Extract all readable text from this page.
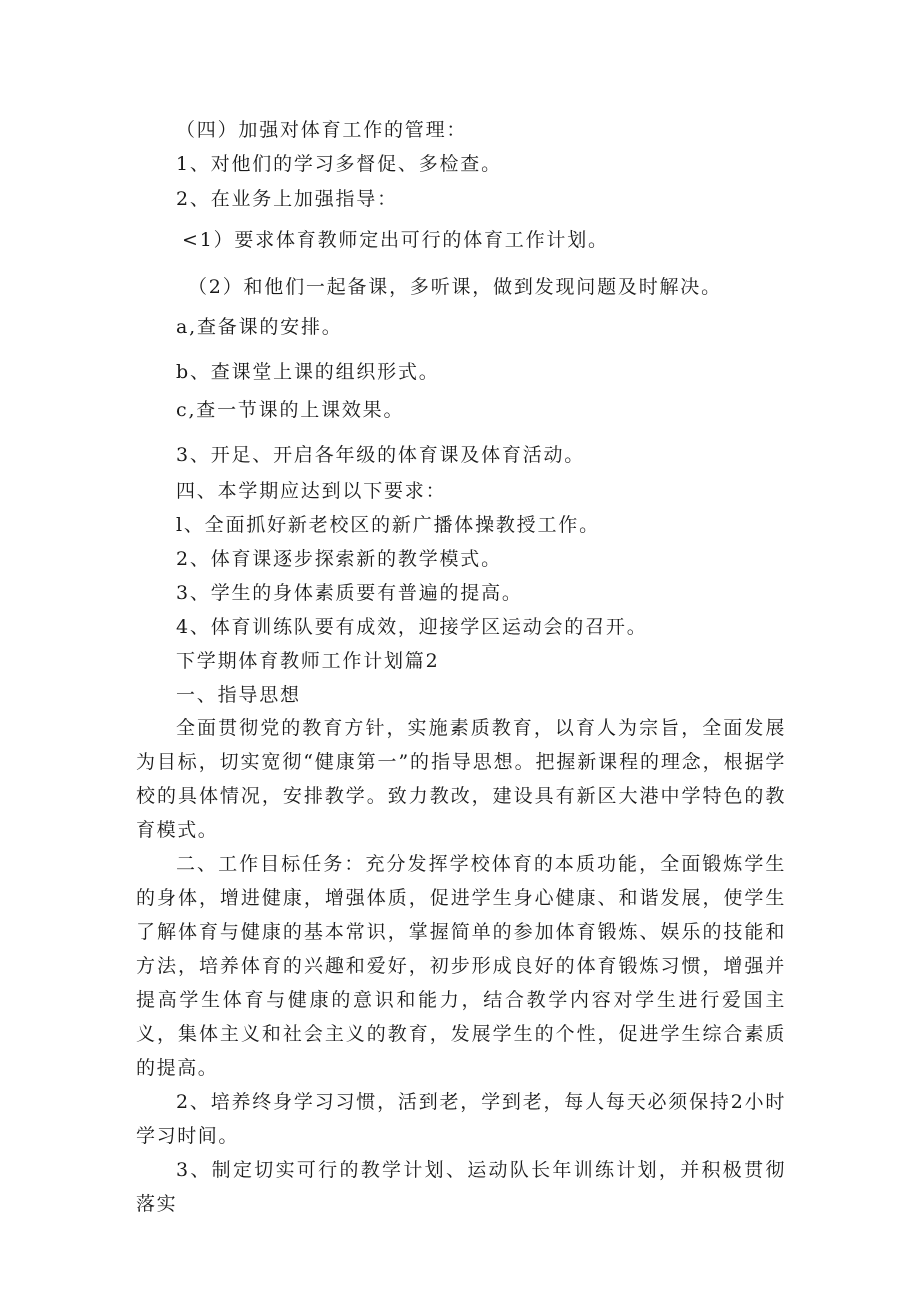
（四）加强对体育工作的管理：
1、对他们的学习多督促、多检查。
2、在业务上加强指导：
<1）要求体育教师定出可行的体育工作计划。
（2）和他们一起备课，多听课，做到发现问题及时解决。
a,查备课的安排。
b、查课堂上课的组织形式。
c,查一节课的上课效果。
3、开足、开启各年级的体育课及体育活动。
四、本学期应达到以下要求：
l、全面抓好新老校区的新广播体操教授工作。
2、体育课逐步探索新的教学模式。
3、学生的身体素质要有普遍的提高。
4、体育训练队要有成效，迎接学区运动会的召开。
下学期体育教师工作计划篇2
一、指导思想
全面贯彻党的教育方针，实施素质教育，以育人为宗旨，全面发展为目标，切实宽彻“健康第一”的指导思想。把握新课程的理念，根据学校的具体情况，安排教学。致力教改，建设具有新区大港中学特色的教育模式。
二、工作目标任务：充分发挥学校体育的本质功能，全面锻炼学生的身体，增进健康，增强体质，促进学生身心健康、和谐发展，使学生了解体育与健康的基本常识，掌握简单的参加体育锻炼、娱乐的技能和方法，培养体育的兴趣和爱好，初步形成良好的体育锻炼习惯，增强并提高学生体育与健康的意识和能力，结合教学内容对学生进行爱国主义，集体主义和社会主义的教育，发展学生的个性，促进学生综合素质的提高。
2、培养终身学习习惯，活到老，学到老，每人每天必须保持2小时学习时间。
3、制定切实可行的教学计划、运动队长年训练计划，并积极贯彻落实
